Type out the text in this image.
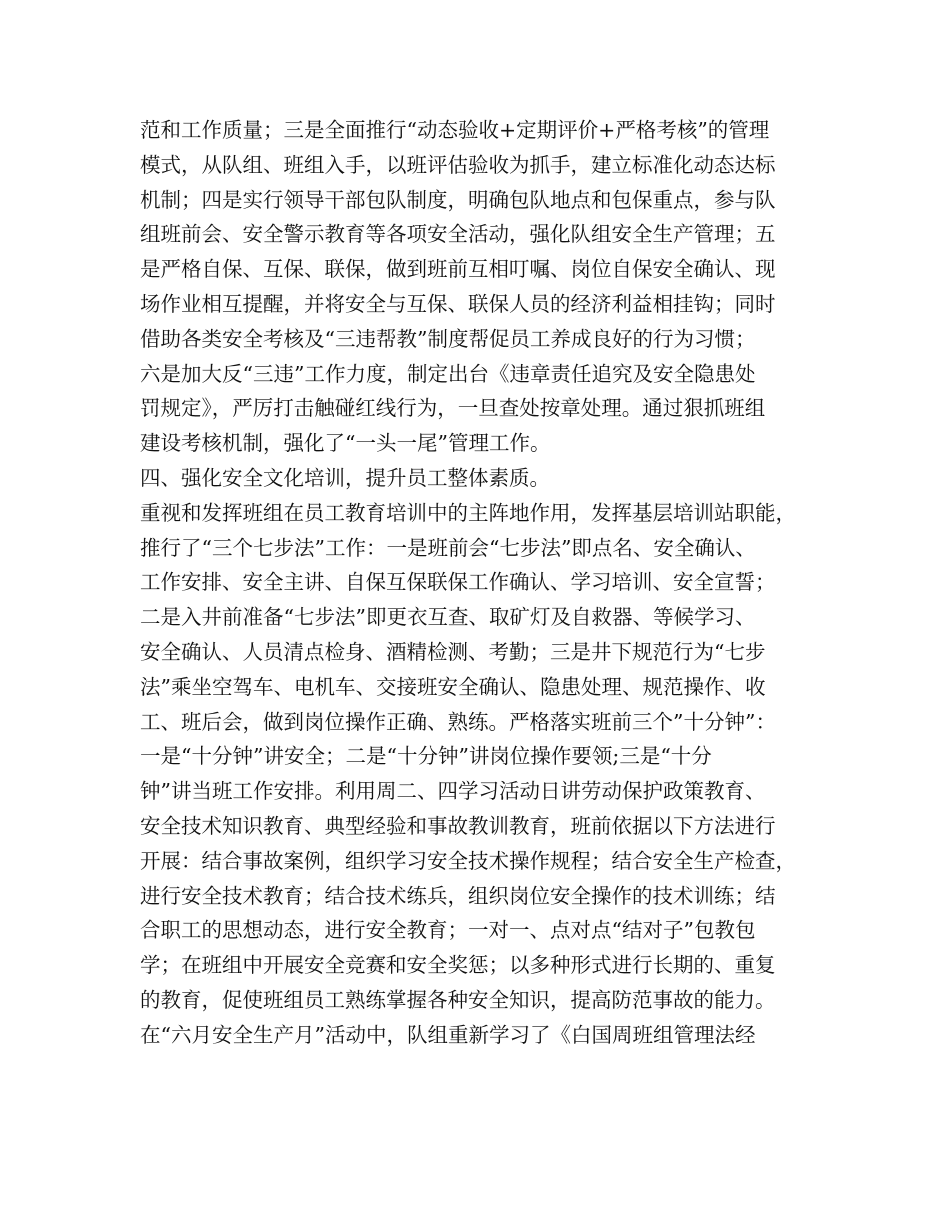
范和工作质量；三是全面推行“动态验收+定期评价+严格考核”的管理
模式，从队组、班组入手，以班评估验收为抓手，建立标准化动态达标
机制；四是实行领导干部包队制度，明确包队地点和包保重点，参与队
组班前会、安全警示教育等各项安全活动，强化队组安全生产管理；五
是严格自保、互保、联保，做到班前互相叮嘱、岗位自保安全确认、现
场作业相互提醒，并将安全与互保、联保人员的经济利益相挂钩；同时
借助各类安全考核及“三违帮教”制度帮促员工养成良好的行为习惯；
六是加大反“三违”工作力度，制定出台《违章责任追究及安全隐患处
罚规定》，严厉打击触碰红线行为，一旦查处按章处理。通过狠抓班组
建设考核机制，强化了“一头一尾”管理工作。
四、强化安全文化培训，提升员工整体素质。
重视和发挥班组在员工教育培训中的主阵地作用，发挥基层培训站职能，
推行了“三个七步法”工作：一是班前会“七步法”即点名、安全确认、
工作安排、安全主讲、自保互保联保工作确认、学习培训、安全宣誓；
二是入井前准备“七步法”即更衣互查、取矿灯及自救器、等候学习、
安全确认、人员清点检身、酒精检测、考勤；三是井下规范行为“七步
法”乘坐空驾车、电机车、交接班安全确认、隐患处理、规范操作、收
工、班后会，做到岗位操作正确、熟练。严格落实班前三个”十分钟”：
一是“十分钟”讲安全；二是“十分钟”讲岗位操作要领;三是“十分
钟”讲当班工作安排。利用周二、四学习活动日讲劳动保护政策教育、
安全技术知识教育、典型经验和事故教训教育，班前依据以下方法进行
开展：结合事故案例，组织学习安全技术操作规程；结合安全生产检查，
进行安全技术教育；结合技术练兵，组织岗位安全操作的技术训练；结
合职工的思想动态，进行安全教育；一对一、点对点“结对子”包教包
学；在班组中开展安全竞赛和安全奖惩；以多种形式进行长期的、重复
的教育，促使班组员工熟练掌握各种安全知识，提高防范事故的能力。
在“六月安全生产月”活动中，队组重新学习了《白国周班组管理法经
